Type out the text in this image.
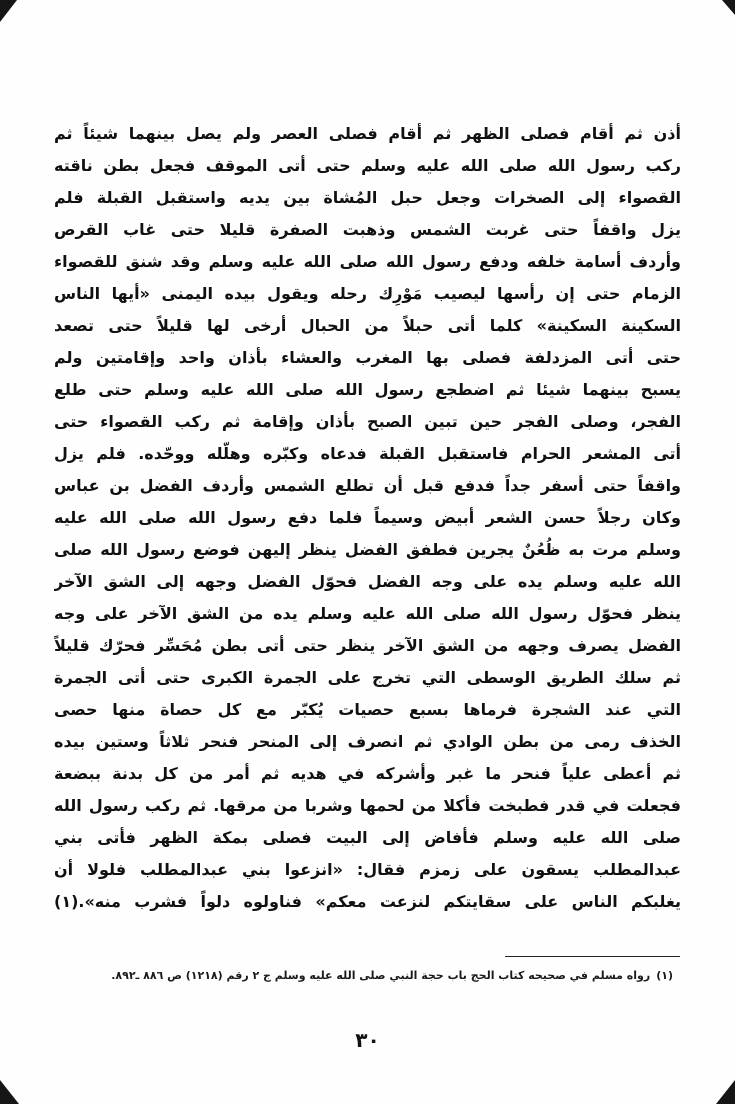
أذن ثم أقام فصلى الظهر ثم أقام فصلى العصر ولم يصل بينهما شيئاً ثم
ركب رسول الله صلى الله عليه وسلم حتى أتى الموقف فجعل بطن ناقته
القصواء إلى الصخرات وجعل حبل المُشاة بين يديه واستقبل القبلة فلم
يزل واقفاً حتى غربت الشمس وذهبت الصفرة قليلا حتى غاب القرص
وأردف أسامة خلفه ودفع رسول الله صلى الله عليه وسلم وقد شنق للقصواء
الزمام حتى إن رأسها ليصيب مَوْرِك رحله ويقول بيده اليمنى «أيها الناس
السكينة السكينة» كلما أتى حبلاً من الحبال أرخى لها قليلاً حتى تصعد
حتى أتى المزدلفة فصلى بها المغرب والعشاء بأذان واحد وإقامتين ولم
يسبح بينهما شيئا ثم اضطجع رسول الله صلى الله عليه وسلم حتى طلع
الفجر، وصلى الفجر حين تبين الصبح بأذان وإقامة ثم ركب القصواء حتى
أتى المشعر الحرام فاستقبل القبلة فدعاه وكبّره وهلّله ووحّده. فلم يزل
واقفاً حتى أسفر جداً فدفع قبل أن تطلع الشمس وأردف الفضل بن عباس
وكان رجلاً حسن الشعر أبيض وسيماً فلما دفع رسول الله صلى الله عليه
وسلم مرت به ظُعُنٌ يجرين فطفق الفضل ينظر إليهن فوضع رسول الله صلى
الله عليه وسلم يده على وجه الفضل فحوّل الفضل وجهه إلى الشق الآخر
ينظر فحوّل رسول الله صلى الله عليه وسلم يده من الشق الآخر على وجه
الفضل يصرف وجهه من الشق الآخر ينظر حتى أتى بطن مُحَسِّر فحرّك قليلاً
ثم سلك الطريق الوسطى التي تخرج على الجمرة الكبرى حتى أتى الجمرة
التي عند الشجرة فرماها بسبع حصيات يُكبّر مع كل حصاة منها حصى
الخذف رمى من بطن الوادي ثم انصرف إلى المنحر فنحر ثلاثاً وستين بيده
ثم أعطى علياً فنحر ما غبر وأشركه في هديه ثم أمر من كل بدنة ببضعة
فجعلت في قدر فطبخت فأكلا من لحمها وشربا من مرقها. ثم ركب رسول الله
صلى الله عليه وسلم فأفاض إلى البيت فصلى بمكة الظهر فأتى بني
عبدالمطلب يسقون على زمزم فقال: «انزعوا بني عبدالمطلب فلولا أن
يغلبكم الناس على سقايتكم لنزعت معكم» فناولوه دلواً فشرب منه».(١)
(١)رواه مسلم في صحيحه كتاب الحج باب حجة النبي صلى الله عليه وسلم ج ٢ رقم (١٢١٨) ص ٨٨٦ ـ٨٩٢.
٣٠
